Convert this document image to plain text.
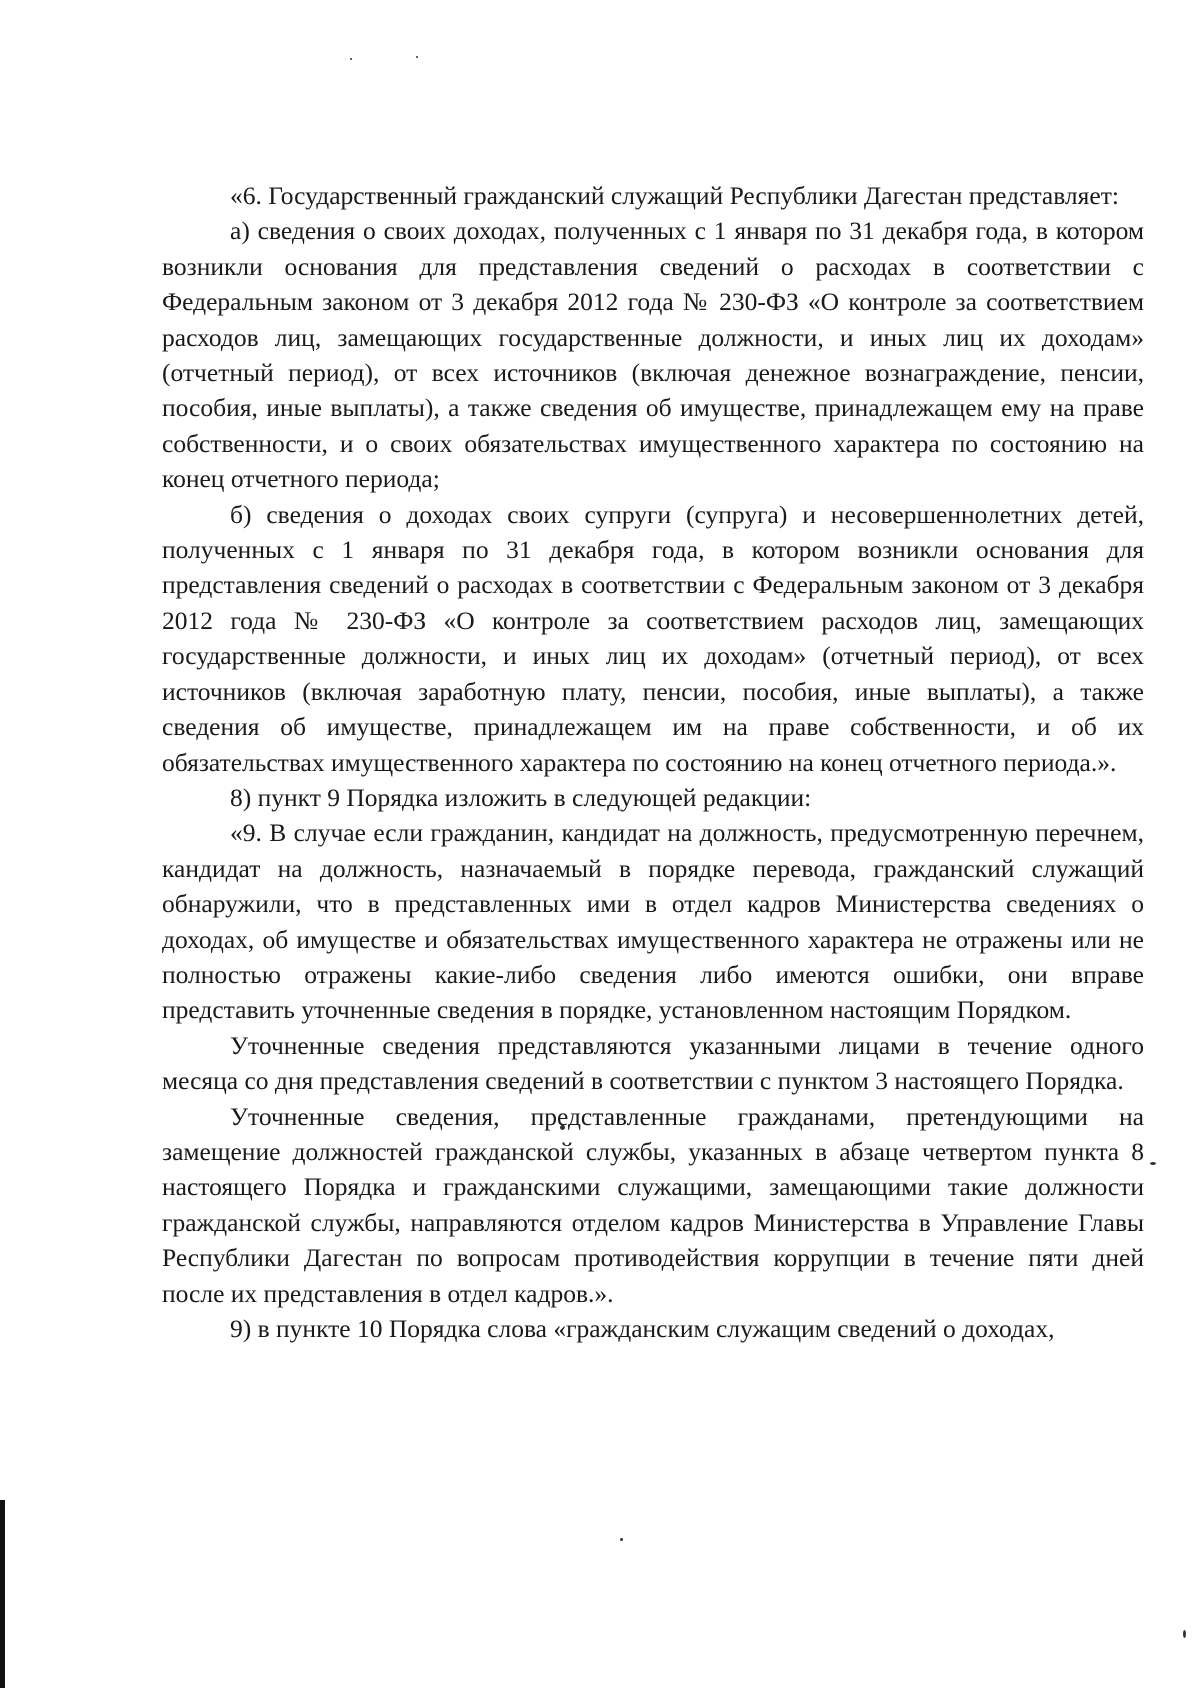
«6. Государственный гражданский служащий Республики Дагестан представляет:

а) сведения о своих доходах, полученных с 1 января по 31 декабря года, в котором возникли основания для представления сведений о расходах в соответствии с Федеральным законом от 3 декабря 2012 года № 230-ФЗ «О контроле за соответствием расходов лиц, замещающих государственные должности, и иных лиц их доходам» (отчетный период), от всех источников (включая денежное вознаграждение, пенсии, пособия, иные выплаты), а также сведения об имуществе, принадлежащем ему на праве собственности, и о своих обязательствах имущественного характера по состоянию на конец отчетного периода;

б) сведения о доходах своих супруги (супруга) и несовершеннолетних детей, полученных с 1 января по 31 декабря года, в котором возникли основания для представления сведений о расходах в соответствии с Федеральным законом от 3 декабря 2012 года № 230-ФЗ «О контроле за соответствием расходов лиц, замещающих государственные должности, и иных лиц их доходам» (отчетный период), от всех источников (включая заработную плату, пенсии, пособия, иные выплаты), а также сведения об имуществе, принадлежащем им на праве собственности, и об их обязательствах имущественного характера по состоянию на конец отчетного периода.».

8) пункт 9 Порядка изложить в следующей редакции:

«9. В случае если гражданин, кандидат на должность, предусмотренную перечнем, кандидат на должность, назначаемый в порядке перевода, гражданский служащий обнаружили, что в представленных ими в отдел кадров Министерства сведениях о доходах, об имуществе и обязательствах имущественного характера не отражены или не полностью отражены какие-либо сведения либо имеются ошибки, они вправе представить уточненные сведения в порядке, установленном настоящим Порядком.

Уточненные сведения представляются указанными лицами в течение одного месяца со дня представления сведений в соответствии с пунктом 3 настоящего Порядка.

Уточненные сведения, представленные гражданами, претендующими на замещение должностей гражданской службы, указанных в абзаце четвертом пункта 8 настоящего Порядка и гражданскими служащими, замещающими такие должности гражданской службы, направляются отделом кадров Министерства в Управление Главы Республики Дагестан по вопросам противодействия коррупции в течение пяти дней после их представления в отдел кадров.».

9) в пункте 10 Порядка слова «гражданским служащим сведений о доходах,
